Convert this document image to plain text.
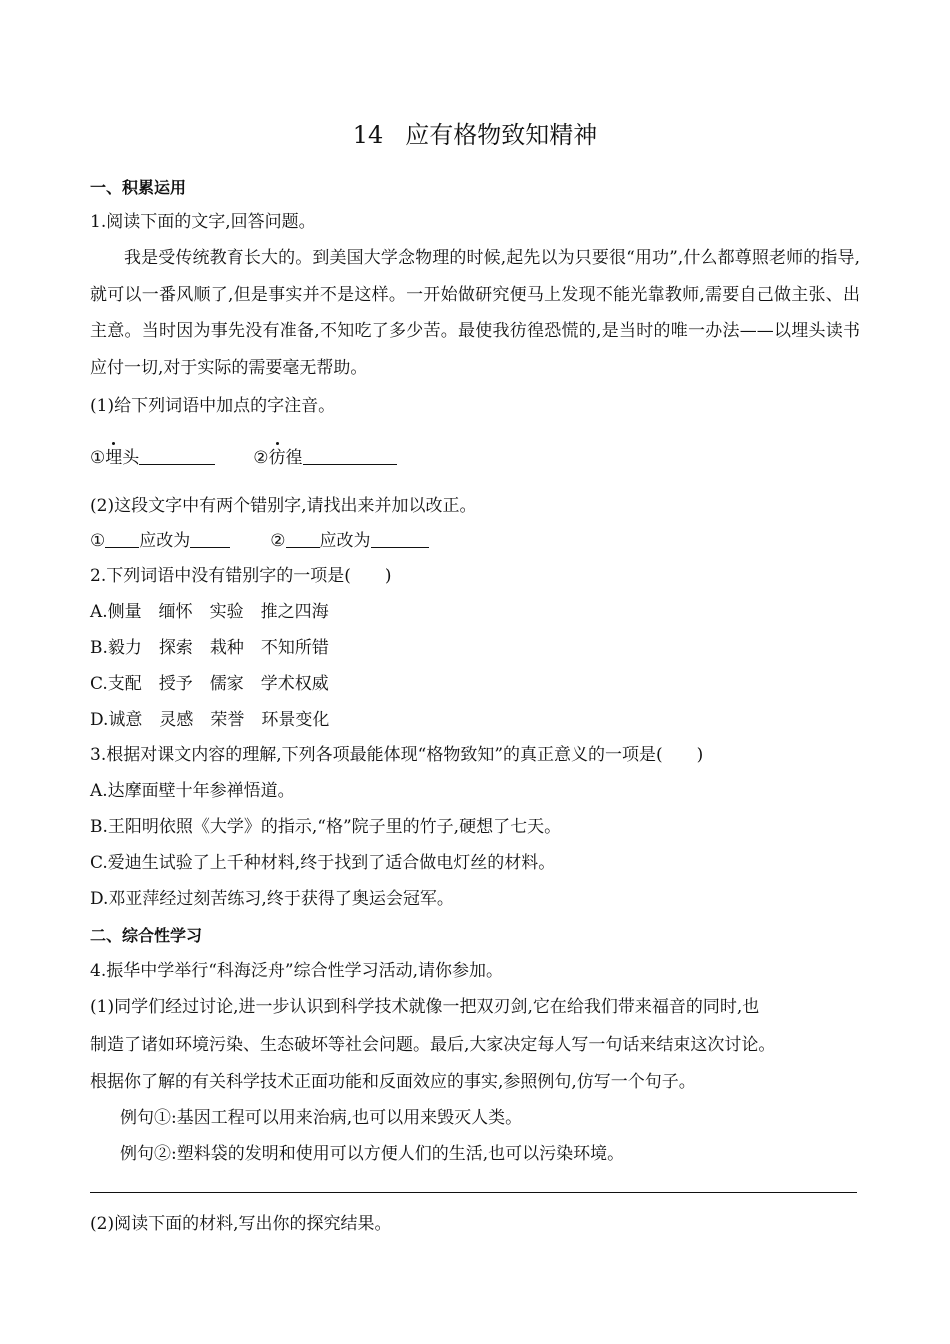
14 应有格物致知精神
一、积累运用
1.阅读下面的文字,回答问题。
我是受传统教育长大的。到美国大学念物理的时候,起先以为只要很“用功”,什么都尊照老师的指导,就可以一番风顺了,但是事实并不是这样。一开始做研究便马上发现不能光靠教师,需要自己做主张、出主意。当时因为事先没有准备,不知吃了多少苦。最使我彷徨恐慌的,是当时的唯一办法——以埋头读书应付一切,对于实际的需要毫无帮助。
(1)给下列词语中加点的字注音。
①埋头	②彷徨
(2)这段文字中有两个错别字,请找出来并加以改正。
① 应改为	② 应改为
2.下列词语中没有错别字的一项是(　　)
A.侧量　缅怀　实验　推之四海
B.毅力　探索　栽种　不知所错
C.支配　授予　儒家　学术权威
D.诚意　灵感　荣誉　环景变化
3.根据对课文内容的理解,下列各项最能体现“格物致知”的真正意义的一项是(　　)
A.达摩面壁十年参禅悟道。
B.王阳明依照《大学》的指示,“格”院子里的竹子,硬想了七天。
C.爱迪生试验了上千种材料,终于找到了适合做电灯丝的材料。
D.邓亚萍经过刻苦练习,终于获得了奥运会冠军。
二、综合性学习
4.振华中学举行“科海泛舟”综合性学习活动,请你参加。
(1)同学们经过讨论,进一步认识到科学技术就像一把双刃剑,它在给我们带来福音的同时,也
制造了诸如环境污染、生态破坏等社会问题。最后,大家决定每人写一句话来结束这次讨论。
根据你了解的有关科学技术正面功能和反面效应的事实,参照例句,仿写一个句子。
例句①:基因工程可以用来治病,也可以用来毁灭人类。
例句②:塑料袋的发明和使用可以方便人们的生活,也可以污染环境。
(2)阅读下面的材料,写出你的探究结果。
